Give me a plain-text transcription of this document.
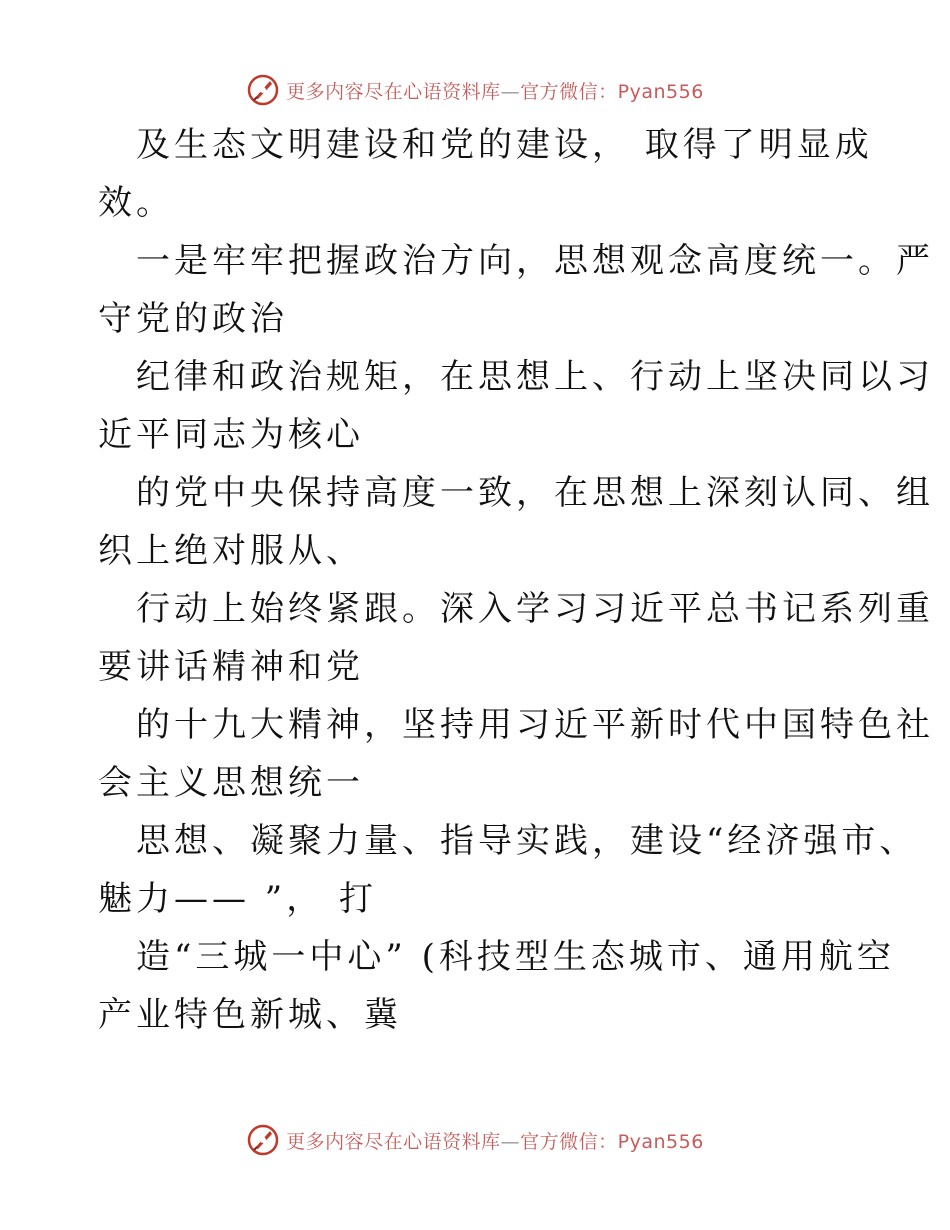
更多内容尽在心语资料库—官方微信：Pyan556
及生态文明建设和党的建设， 取得了明显成
效。
一是牢牢把握政治方向，思想观念高度统一。严
守党的政治
纪律和政治规矩，在思想上、行动上坚决同以习
近平同志为核心
的党中央保持高度一致，在思想上深刻认同、组
织上绝对服从、
行动上始终紧跟。深入学习习近平总书记系列重
要讲话精神和党
的十九大精神，坚持用习近平新时代中国特色社
会主义思想统一
思想、凝聚力量、指导实践，建设“经济强市、
魅力—— ”， 打
造“三城一中心” (科技型生态城市、通用航空
产业特色新城、冀
更多内容尽在心语资料库—官方微信：Pyan556
